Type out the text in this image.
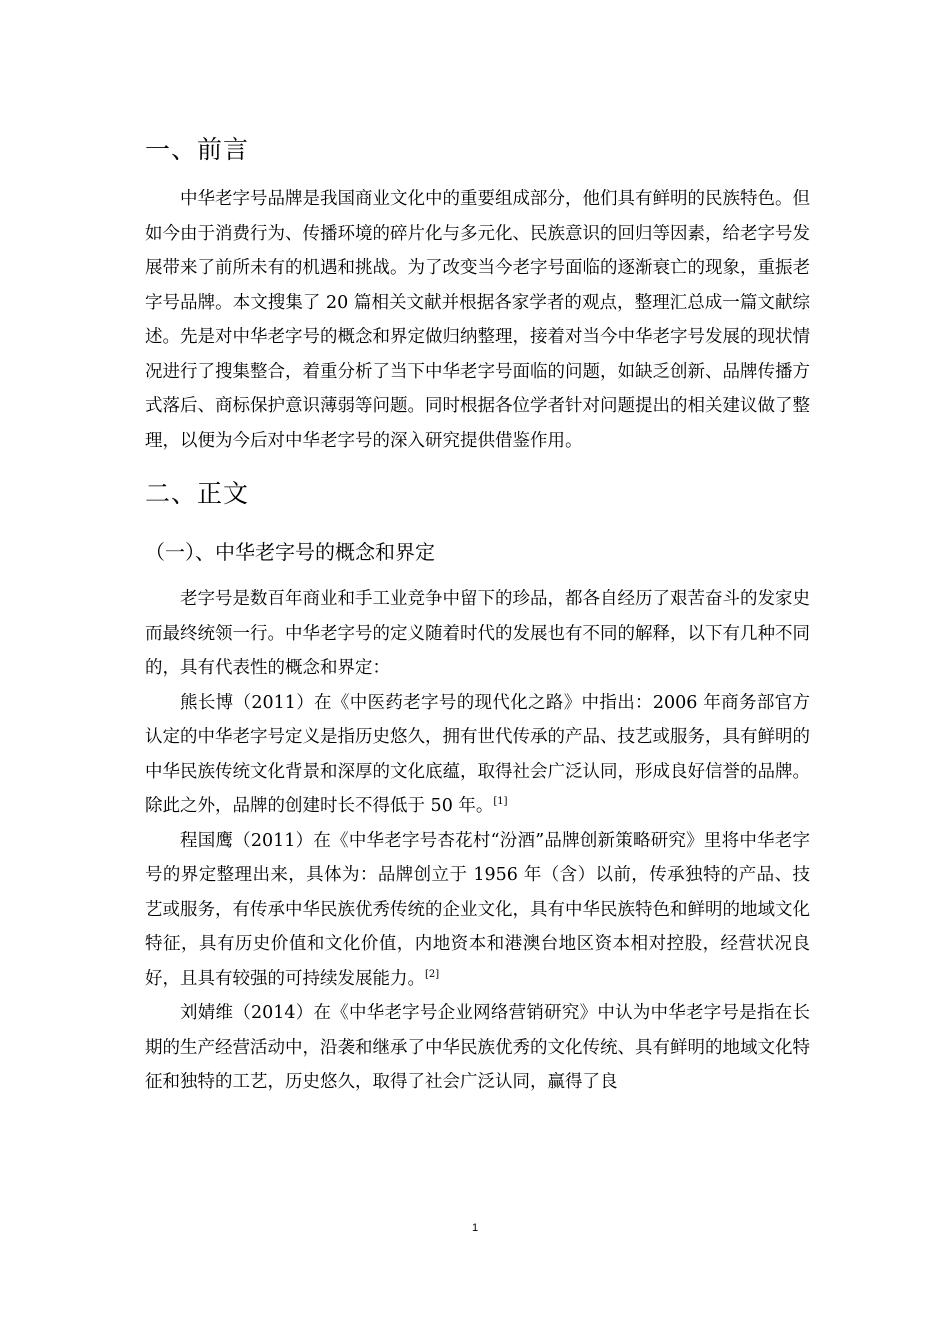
一、前言

中华老字号品牌是我国商业文化中的重要组成部分，他们具有鲜明的民族特色。但如今由于消费行为、传播环境的碎片化与多元化、民族意识的回归等因素，给老字号发展带来了前所未有的机遇和挑战。为了改变当今老字号面临的逐渐衰亡的现象，重振老字号品牌。本文搜集了 20 篇相关文献并根据各家学者的观点，整理汇总成一篇文献综述。先是对中华老字号的概念和界定做归纳整理，接着对当今中华老字号发展的现状情况进行了搜集整合，着重分析了当下中华老字号面临的问题，如缺乏创新、品牌传播方式落后、商标保护意识薄弱等问题。同时根据各位学者针对问题提出的相关建议做了整理，以便为今后对中华老字号的深入研究提供借鉴作用。

二、正文
（一）、中华老字号的概念和界定

老字号是数百年商业和手工业竞争中留下的珍品，都各自经历了艰苦奋斗的发家史而最终统领一行。中华老字号的定义随着时代的发展也有不同的解释，以下有几种不同的，具有代表性的概念和界定：

熊长博（2011）在《中医药老字号的现代化之路》中指出：2006 年商务部官方认定的中华老字号定义是指历史悠久，拥有世代传承的产品、技艺或服务，具有鲜明的中华民族传统文化背景和深厚的文化底蕴，取得社会广泛认同，形成良好信誉的品牌。除此之外，品牌的创建时长不得低于 50 年。[1]

程国鹰（2011）在《中华老字号杏花村“汾酒”品牌创新策略研究》里将中华老字号的界定整理出来，具体为：品牌创立于 1956 年（含）以前，传承独特的产品、技艺或服务，有传承中华民族优秀传统的企业文化，具有中华民族特色和鲜明的地域文化特征，具有历史价值和文化价值，内地资本和港澳台地区资本相对控股，经营状况良好，且具有较强的可持续发展能力。[2]

刘婧维（2014）在《中华老字号企业网络营销研究》中认为中华老字号是指在长期的生产经营活动中，沿袭和继承了中华民族优秀的文化传统、具有鲜明的地域文化特征和独特的工艺，历史悠久，取得了社会广泛认同，赢得了良

1
